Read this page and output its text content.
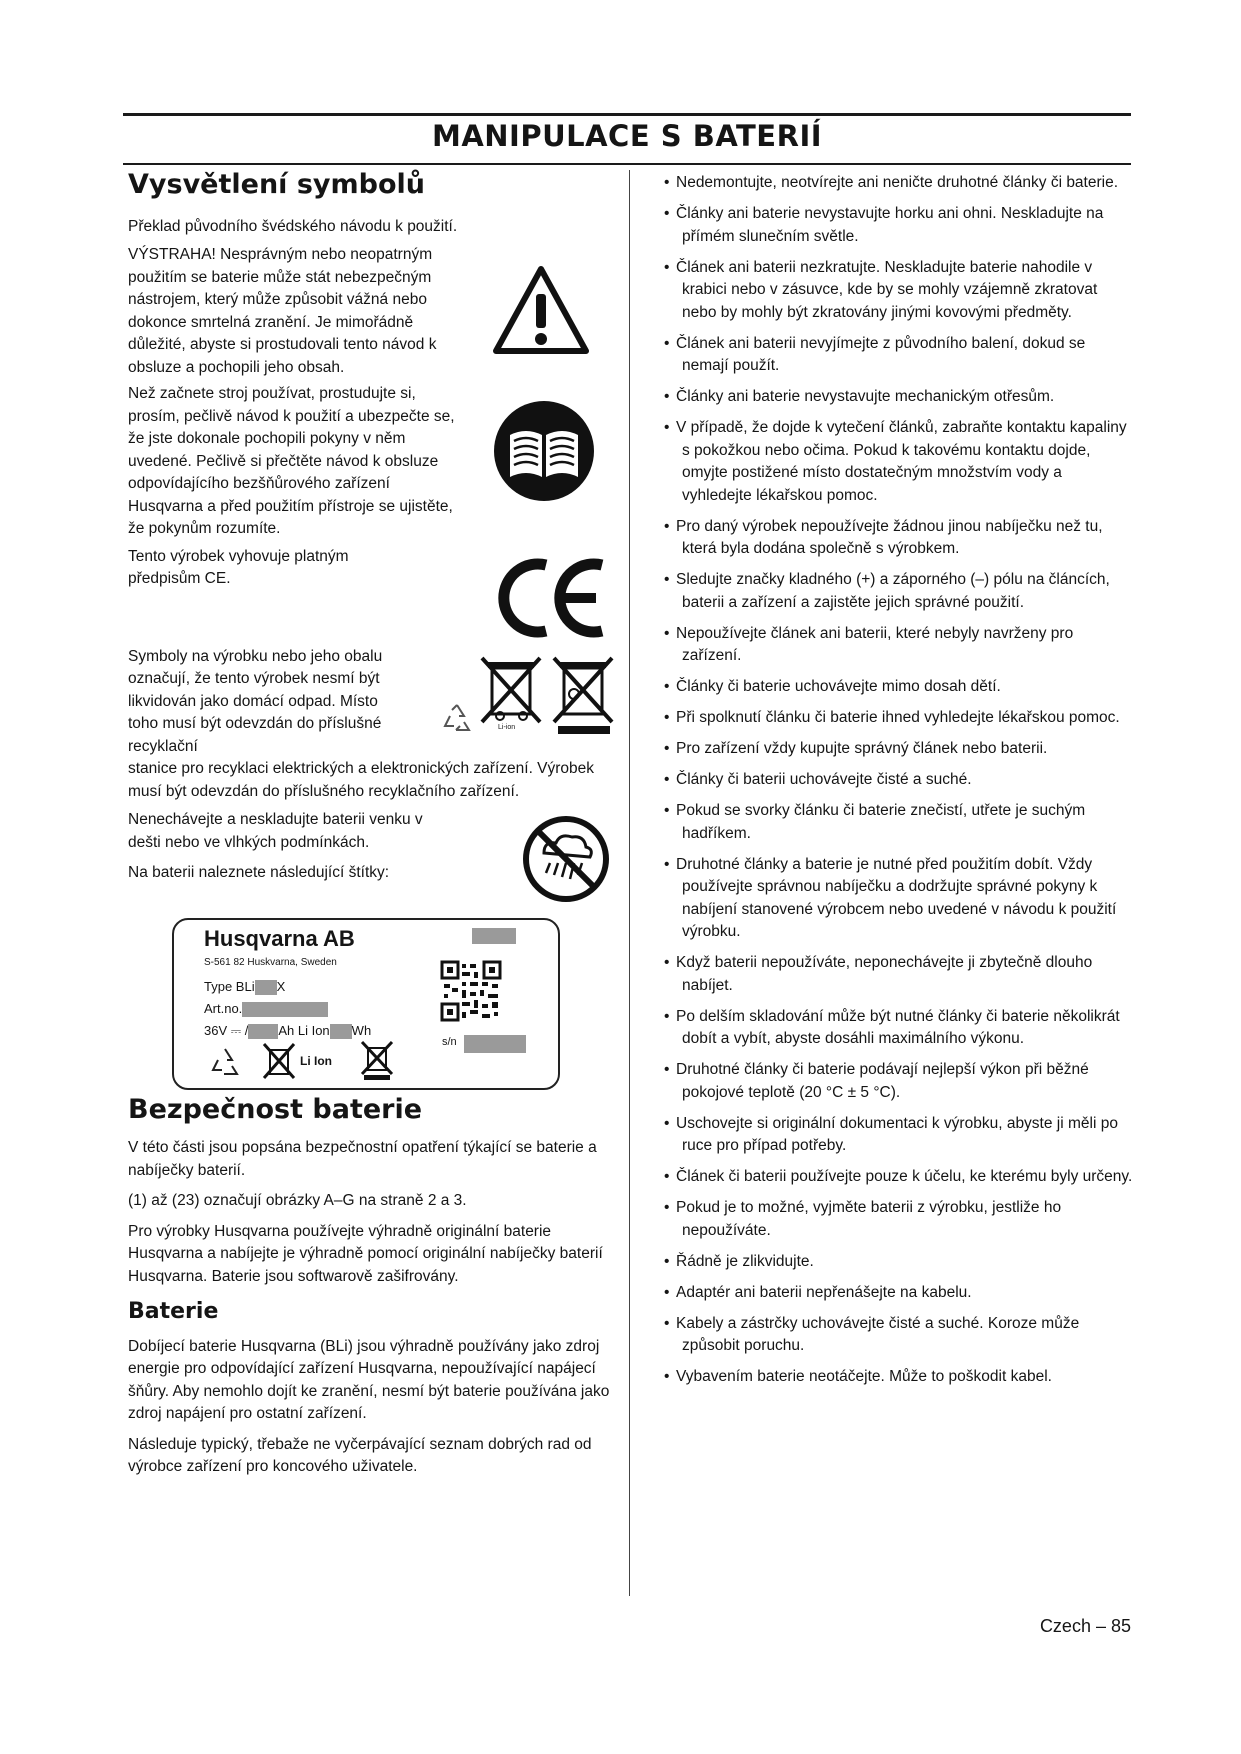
MANIPULACE S BATERIÍ
Vysvětlení symbolů

Překlad původního švédského návodu k použití.

VÝSTRAHA! Nesprávným nebo neopatrným použitím se baterie může stát nebezpečným nástrojem, který může způsobit vážná nebo dokonce smrtelná zranění. Je mimořádně důležité, abyste si prostudovali tento návod k obsluze a pochopili jeho obsah.

Než začnete stroj používat, prostudujte si, prosím, pečlivě návod k použití a ubezpečte se, že jste dokonale pochopili pokyny v něm uvedené. Pečlivě si přečtěte návod k obsluze odpovídajícího bezšňůrového zařízení Husqvarna a před použitím přístroje se ujistěte, že pokynům rozumíte.

Tento výrobek vyhovuje platným předpisům CE.

Symboly na výrobku nebo jeho obalu označují, že tento výrobek nesmí být likvidován jako domácí odpad. Místo toho musí být odevzdán do příslušné recyklační

Li-ion

stanice pro recyklaci elektrických a elektronických zařízení. Výrobek musí být odevzdán do příslušného recyklačního zařízení.

Nenechávejte a neskladujte baterii venku v dešti nebo ve vlhkých podmínkách.

Na baterii naleznete následující štítky:

Husqvarna AB
S-561 82 Huskvarna, Sweden
Type BLi X
Art.no.
36V ⎓ / Ah Li Ion Wh
s/n
Li Ion
Bezpečnost baterie

V této části jsou popsána bezpečnostní opatření týkající se baterie a nabíječky baterií.

(1) až (23) označují obrázky A–G na straně 2 a 3.

Pro výrobky Husqvarna používejte výhradně originální baterie Husqvarna a nabíjejte je výhradně pomocí originální nabíječky baterií Husqvarna. Baterie jsou softwarově zašifrovány.

Baterie

Dobíjecí baterie Husqvarna (BLi) jsou výhradně používány jako zdroj energie pro odpovídající zařízení Husqvarna, nepoužívající napájecí šňůry. Aby nemohlo dojít ke zranění, nesmí být baterie používána jako zdroj napájení pro ostatní zařízení.

Následuje typický, třebaže ne vyčerpávající seznam dobrých rad od výrobce zařízení pro koncového uživatele.

• Nedemontujte, neotvírejte ani neničte druhotné články či baterie.
• Články ani baterie nevystavujte horku ani ohni. Neskladujte na přímém slunečním světle.
• Článek ani baterii nezkratujte. Neskladujte baterie nahodile v krabici nebo v zásuvce, kde by se mohly vzájemně zkratovat nebo by mohly být zkratovány jinými kovovými předměty.
• Článek ani baterii nevyjímejte z původního balení, dokud se nemají použít.
• Články ani baterie nevystavujte mechanickým otřesům.
• V případě, že dojde k vytečení článků, zabraňte kontaktu kapaliny s pokožkou nebo očima. Pokud k takovému kontaktu dojde, omyjte postižené místo dostatečným množstvím vody a vyhledejte lékařskou pomoc.
• Pro daný výrobek nepoužívejte žádnou jinou nabíječku než tu, která byla dodána společně s výrobkem.
• Sledujte značky kladného (+) a záporného (–) pólu na článcích, baterii a zařízení a zajistěte jejich správné použití.
• Nepoužívejte článek ani baterii, které nebyly navrženy pro zařízení.
• Články či baterie uchovávejte mimo dosah dětí.
• Při spolknutí článku či baterie ihned vyhledejte lékařskou pomoc.
• Pro zařízení vždy kupujte správný článek nebo baterii.
• Články či baterii uchovávejte čisté a suché.
• Pokud se svorky článku či baterie znečistí, utřete je suchým hadříkem.
• Druhotné články a baterie je nutné před použitím dobít. Vždy používejte správnou nabíječku a dodržujte správné pokyny k nabíjení stanovené výrobcem nebo uvedené v návodu k použití výrobku.
• Když baterii nepoužíváte, neponechávejte ji zbytečně dlouho nabíjet.
• Po delším skladování může být nutné články či baterie několikrát dobít a vybít, abyste dosáhli maximálního výkonu.
• Druhotné články či baterie podávají nejlepší výkon při běžné pokojové teplotě (20 °C ± 5 °C).
• Uschovejte si originální dokumentaci k výrobku, abyste ji měli po ruce pro případ potřeby.
• Článek či baterii používejte pouze k účelu, ke kterému byly určeny.
• Pokud je to možné, vyjměte baterii z výrobku, jestliže ho nepoužíváte.
• Řádně je zlikvidujte.
• Adaptér ani baterii nepřenášejte na kabelu.
• Kabely a zástrčky uchovávejte čisté a suché. Koroze může způsobit poruchu.
• Vybavením baterie neotáčejte. Může to poškodit kabel.
Czech – 85
